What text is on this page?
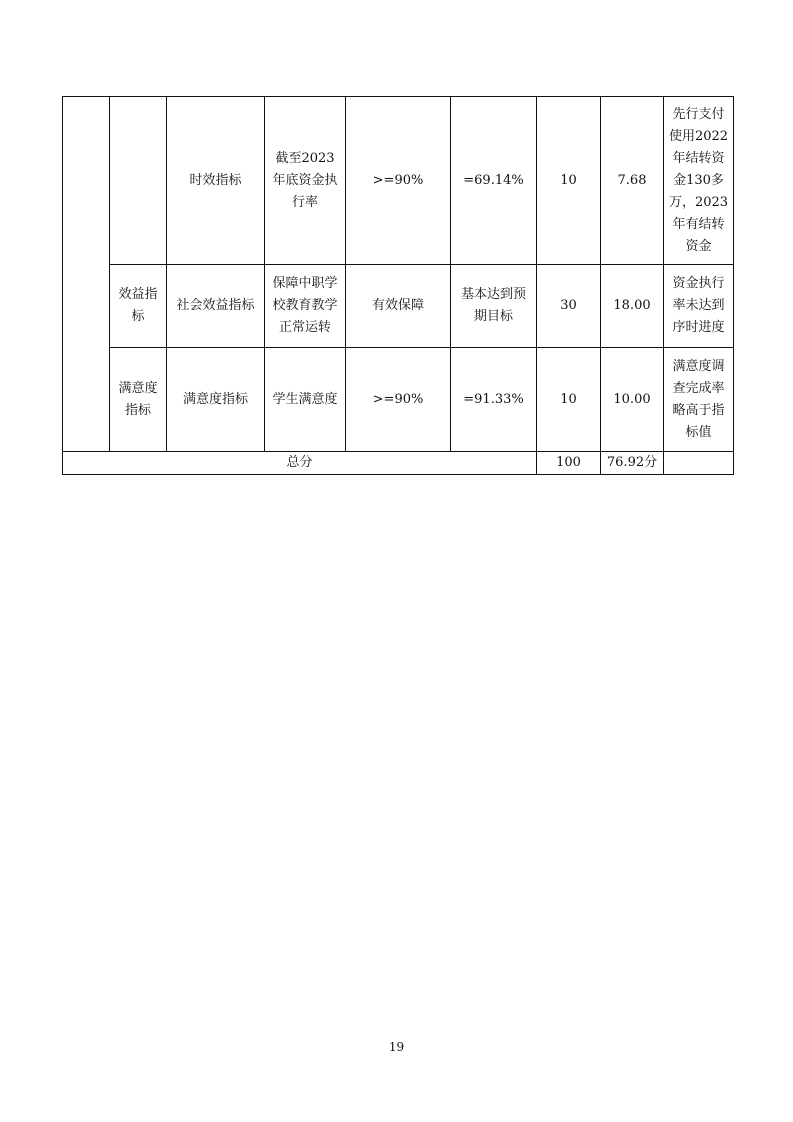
		时效指标	截至2023年底资金执行率	>=90%	=69.14%	10	7.68	先行支付使用2022年结转资金130多万，2023年有结转资金
	效益指标	社会效益指标	保障中职学校教育教学正常运转	有效保障	基本达到预期目标	30	18.00	资金执行率未达到序时进度
	满意度指标	满意度指标	学生满意度	>=90%	=91.33%	10	10.00	满意度调查完成率略高于指标值
总分						100	76.92分	
19
